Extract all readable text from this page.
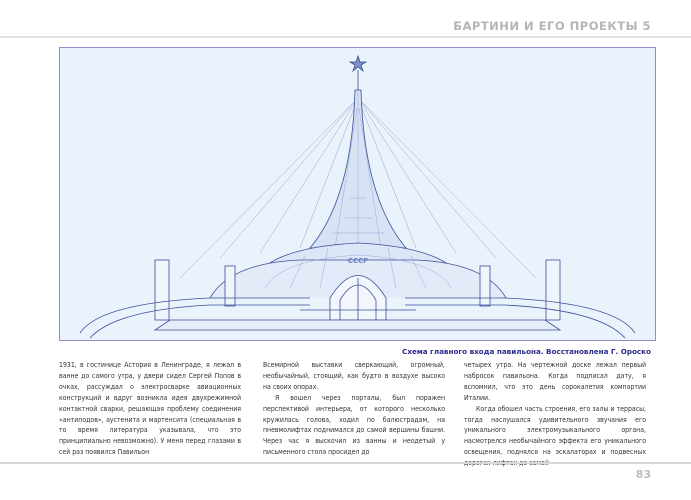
БАРТИНИ И ЕГО ПРОЕКТЫ 5
СССР
Схема главного входа павильона. Восстановлена Г. Ороско

1931, в гостинице Астория в Ленинграде, я лежал в ванне до самого утра, у двери сидел Сергей Попов в очках, рассуждал о электросварке авиационных конструкций и вдруг возникла идея двухрежимной контактной сварки, решающая проблему соединения «антиподов», аустенита и мартенсита (специальная в то время литература указывала, что это принципиально невозможно). У меня перед глазами в сей раз появился Павильон

Всемирной выставки сверкающий, огромный, необычайный, стоящий, как будто в воздухе высоко на своих опорах.

Я вошел через порталы, был поражен перспективой интерьера, от которого несколько кружилась голова, ходил по балюстрадам, на пневмолифтах поднимался до самой вершины башни. Через час я выскочил из ванны и неодетый у письменного стола просидел до

четырех утра. На чертежной доске лежал первый набросок павильона. Когда подписал дату, я вспомнил, что это день сорокалетия компартии Италии.

Когда обошел часть строения, его залы и террасы, тогда наслушался удивительного звучания его уникального электромузыкального органа, насмотрелся необычайного эффекта его уникального освещения, поднялся на эскалаторах и подвесных

83
